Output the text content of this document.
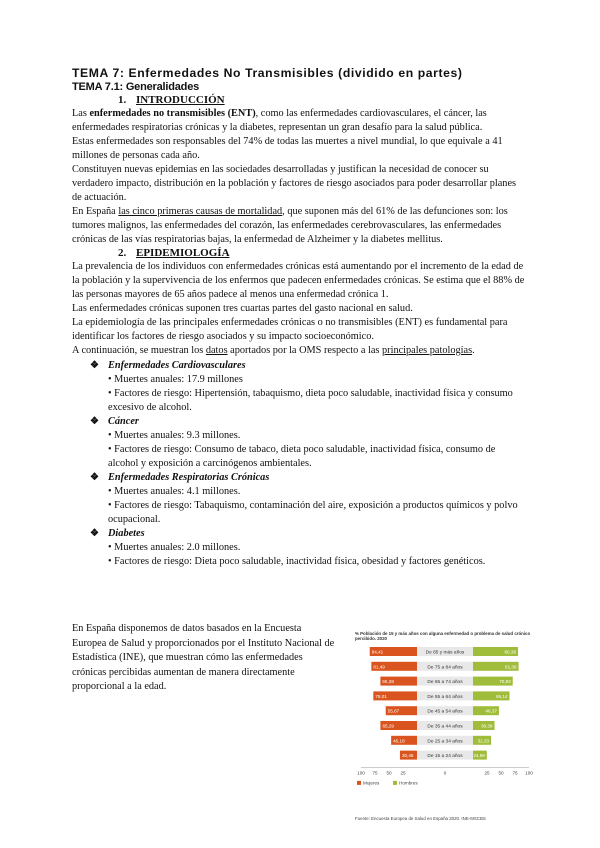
TEMA 7: Enfermedades No Transmisibles (dividido en partes)
TEMA 7.1: Generalidades
1. INTRODUCCIÓN

Las enfermedades no transmisibles (ENT), como las enfermedades cardiovasculares, el cáncer, las enfermedades respiratorias crónicas y la diabetes, representan un gran desafío para la salud pública.

Estas enfermedades son responsables del 74% de todas las muertes a nivel mundial, lo que equivale a 41 millones de personas cada año.

Constituyen nuevas epidemias en las sociedades desarrolladas y justifican la necesidad de conocer su verdadero impacto, distribución en la población y factores de riesgo asociados para poder desarrollar planes de actuación.

En España las cinco primeras causas de mortalidad, que suponen más del 61% de las defunciones son: los tumores malignos, las enfermedades del corazón, las enfermedades cerebrovasculares, las enfermedades crónicas de las vías respiratorias bajas, la enfermedad de Alzheimer y la diabetes mellitus.

2. EPIDEMIOLOGÍA

La prevalencia de los individuos con enfermedades crónicas está aumentando por el incremento de la edad de la población y la supervivencia de los enfermos que padecen enfermedades crónicas. Se estima que el 88% de las personas mayores de 65 años padece al menos una enfermedad crónica 1.

Las enfermedades crónicas suponen tres cuartas partes del gasto nacional en salud.

La epidemiología de las principales enfermedades crónicas o no transmisibles (ENT) es fundamental para identificar los factores de riesgo asociados y su impacto socioeconómico.

A continuación, se muestran los datos aportados por la OMS respecto a las principales patologías.

❖ Enfermedades Cardiovasculares
• Muertes anuales: 17.9 millones
• Factores de riesgo: Hipertensión, tabaquismo, dieta poco saludable, inactividad física y consumo excesivo de alcohol.
❖ Cáncer
• Muertes anuales: 9.3 millones.
• Factores de riesgo: Consumo de tabaco, dieta poco saludable, inactividad física, consumo de alcohol y exposición a carcinógenos ambientales.
❖ Enfermedades Respiratorias Crónicas
• Muertes anuales: 4.1 millones.
• Factores de riesgo: Tabaquismo, contaminación del aire, exposición a productos químicos y polvo ocupacional.
❖ Diabetes
• Muertes anuales: 2.0 millones.
• Factores de riesgo: Dieta poco saludable, inactividad física, obesidad y factores genéticos.

En España disponemos de datos basados en la Encuesta Europea de Salud y proporcionados por el Instituto Nacional de Estadística (INE), que muestran cómo las enfermedades crónicas percibidas aumentan de manera directamente proporcional a la edad.

% Población de 15 y más años con alguna enfermedad o problema de salud crónico percibido. 2020
De 85 y más años
84,41	80,38
De 75 a 84 años
81,49	81,36
De 65 a 74 años
65,38	70,93
De 55 a 64 años
78,01	65,14
De 45 a 54 años
55,87	46,37
De 35 a 44 años
65,29	38,38
De 25 a 34 años
46,18	32,33
De 15 a 24 años
30,46	24,69
100 75 50 25	0	25 50 75 100
Mujeres	Hombres
Fuente: Encuesta Europea de Salud en España 2020. INE-MSCBS
